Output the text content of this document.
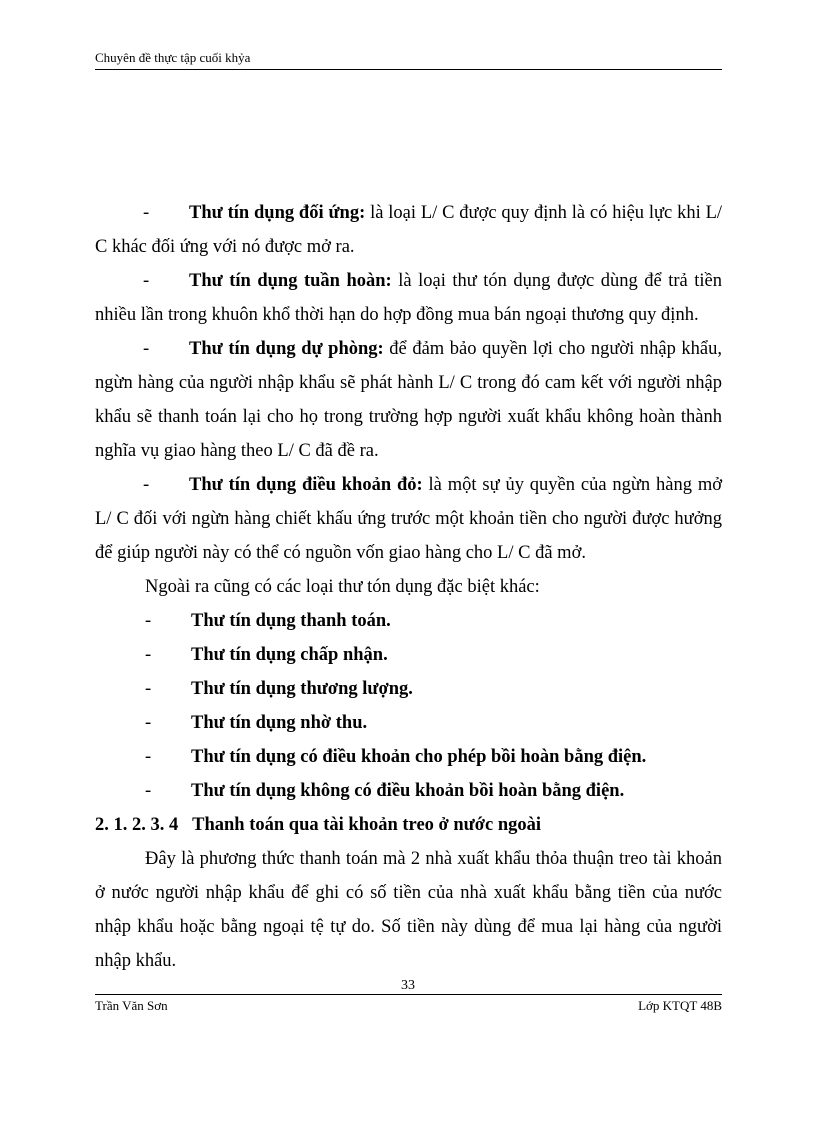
Chuyên đề thực tập cuối khỷa

- Thư tín dụng đối ứng: là loại L/ C được quy định là có hiệu lực khi L/ C khác đối ứng với nó được mở ra.

- Thư tín dụng tuần hoàn: là loại thư tón dụng được dùng để trả tiền nhiều lần trong khuôn khổ thời hạn do hợp đồng mua bán ngoại thương quy định.

- Thư tín dụng dự phòng: để đảm bảo quyền lợi cho người nhập khẩu, ngừn hàng của người nhập khẩu sẽ phát hành L/ C trong đó cam kết với người nhập khẩu sẽ thanh toán lại cho họ trong trường hợp người xuất khẩu không hoàn thành nghĩa vụ giao hàng theo L/ C đã đề ra.

- Thư tín dụng điều khoản đỏ: là một sự ủy quyền của ngừn hàng mở L/ C đối với ngừn hàng chiết khấu ứng trước một khoản tiền cho người được hưởng để giúp người này có thể có nguồn vốn giao hàng cho L/ C đã mở.

Ngoài ra cũng có các loại thư tón dụng đặc biệt khác:

- Thư tín dụng thanh toán.

- Thư tín dụng chấp nhận.

- Thư tín dụng thương lượng.

- Thư tín dụng nhờ thu.

- Thư tín dụng có điều khoản cho phép bồi hoàn bằng điện.

- Thư tín dụng không có điều khoản bồi hoàn bằng điện.

2. 1. 2. 3. 4 Thanh toán qua tài khoản treo ở nước ngoài

Đây là phương thức thanh toán mà 2 nhà xuất khẩu thỏa thuận treo tài khoản ở nước người nhập khẩu để ghi có số tiền của nhà xuất khẩu bằng tiền của nước nhập khẩu hoặc bằng ngoại tệ tự do. Số tiền này dùng để mua lại hàng của người nhập khẩu.

33
Trần Văn Sơn	Lớp KTQT 48B
